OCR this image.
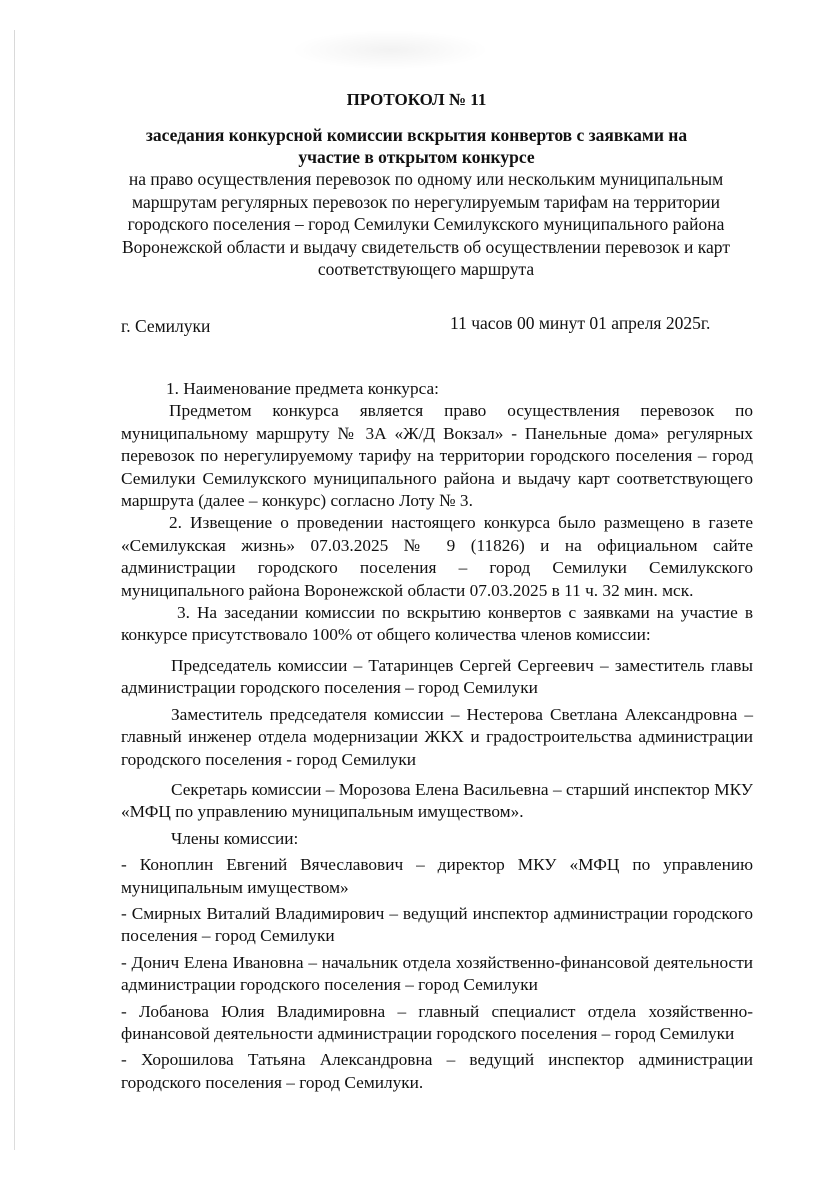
ПРОТОКОЛ № 11

заседания конкурсной комиссии вскрытия конвертов с заявками на участие в открытом конкурсе

на право осуществления перевозок по одному или нескольким муниципальным маршрутам регулярных перевозок по нерегулируемым тарифам на территории городского поселения – город Семилуки Семилукского муниципального района Воронежской области и выдачу свидетельств об осуществлении перевозок и карт соответствующего маршрута

г. Семилуки	11 часов 00 минут 01 апреля 2025г.

1. Наименование предмета конкурса:

Предметом конкурса является право осуществления перевозок по муниципальному маршруту № 3А «Ж/Д Вокзал» - Панельные дома» регулярных перевозок по нерегулируемому тарифу на территории городского поселения – город Семилуки Семилукского муниципального района и выдачу карт соответствующего маршрута (далее – конкурс) согласно Лоту № 3.

2. Извещение о проведении настоящего конкурса было размещено в газете «Семилукская жизнь» 07.03.2025 № 9 (11826) и на официальном сайте администрации городского поселения – город Семилуки Семилукского муниципального района Воронежской области 07.03.2025 в 11 ч. 32 мин. мск.

3. На заседании комиссии по вскрытию конвертов с заявками на участие в конкурсе присутствовало 100% от общего количества членов комиссии:

Председатель комиссии – Татаринцев Сергей Сергеевич – заместитель главы администрации городского поселения – город Семилуки

Заместитель председателя комиссии – Нестерова Светлана Александровна – главный инженер отдела модернизации ЖКХ и градостроительства администрации городского поселения - город Семилуки

Секретарь комиссии – Морозова Елена Васильевна – старший инспектор МКУ «МФЦ по управлению муниципальным имуществом».

Члены комиссии:

- Коноплин Евгений Вячеславович – директор МКУ «МФЦ по управлению муниципальным имуществом»

- Смирных Виталий Владимирович – ведущий инспектор администрации городского поселения – город Семилуки

- Донич Елена Ивановна – начальник отдела хозяйственно-финансовой деятельности администрации городского поселения – город Семилуки

- Лобанова Юлия Владимировна – главный специалист отдела хозяйственно-финансовой деятельности администрации городского поселения – город Семилуки

- Хорошилова Татьяна Александровна – ведущий инспектор администрации городского поселения – город Семилуки.
